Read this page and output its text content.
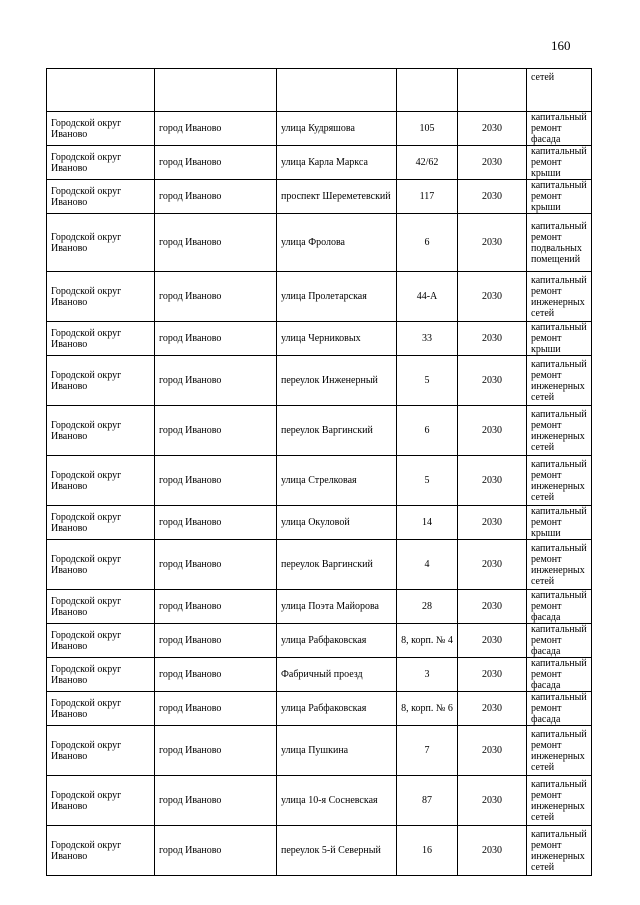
160
					сетей
Городской округ Иваново	город Иваново	улица Кудряшова	105	2030	капитальный ремонт фасада
Городской округ Иваново	город Иваново	улица Карла Маркса	42/62	2030	капитальный ремонт крыши
Городской округ Иваново	город Иваново	проспект Шереметевский	117	2030	капитальный ремонт крыши
Городской округ Иваново	город Иваново	улица Фролова	6	2030	капитальный ремонт подвальных помещений
Городской округ Иваново	город Иваново	улица Пролетарская	44-А	2030	капитальный ремонт инженерных сетей
Городской округ Иваново	город Иваново	улица Черниковых	33	2030	капитальный ремонт крыши
Городской округ Иваново	город Иваново	переулок Инженерный	5	2030	капитальный ремонт инженерных сетей
Городской округ Иваново	город Иваново	переулок Варгинский	6	2030	капитальный ремонт инженерных сетей
Городской округ Иваново	город Иваново	улица Стрелковая	5	2030	капитальный ремонт инженерных сетей
Городской округ Иваново	город Иваново	улица Окуловой	14	2030	капитальный ремонт крыши
Городской округ Иваново	город Иваново	переулок Варгинский	4	2030	капитальный ремонт инженерных сетей
Городской округ Иваново	город Иваново	улица Поэта Майорова	28	2030	капитальный ремонт фасада
Городской округ Иваново	город Иваново	улица Рабфаковская	8, корп. № 4	2030	капитальный ремонт фасада
Городской округ Иваново	город Иваново	Фабричный проезд	3	2030	капитальный ремонт фасада
Городской округ Иваново	город Иваново	улица Рабфаковская	8, корп. № 6	2030	капитальный ремонт фасада
Городской округ Иваново	город Иваново	улица Пушкина	7	2030	капитальный ремонт инженерных сетей
Городской округ Иваново	город Иваново	улица 10-я Сосневская	87	2030	капитальный ремонт инженерных сетей
Городской округ Иваново	город Иваново	переулок 5-й Северный	16	2030	капитальный ремонт инженерных сетей
